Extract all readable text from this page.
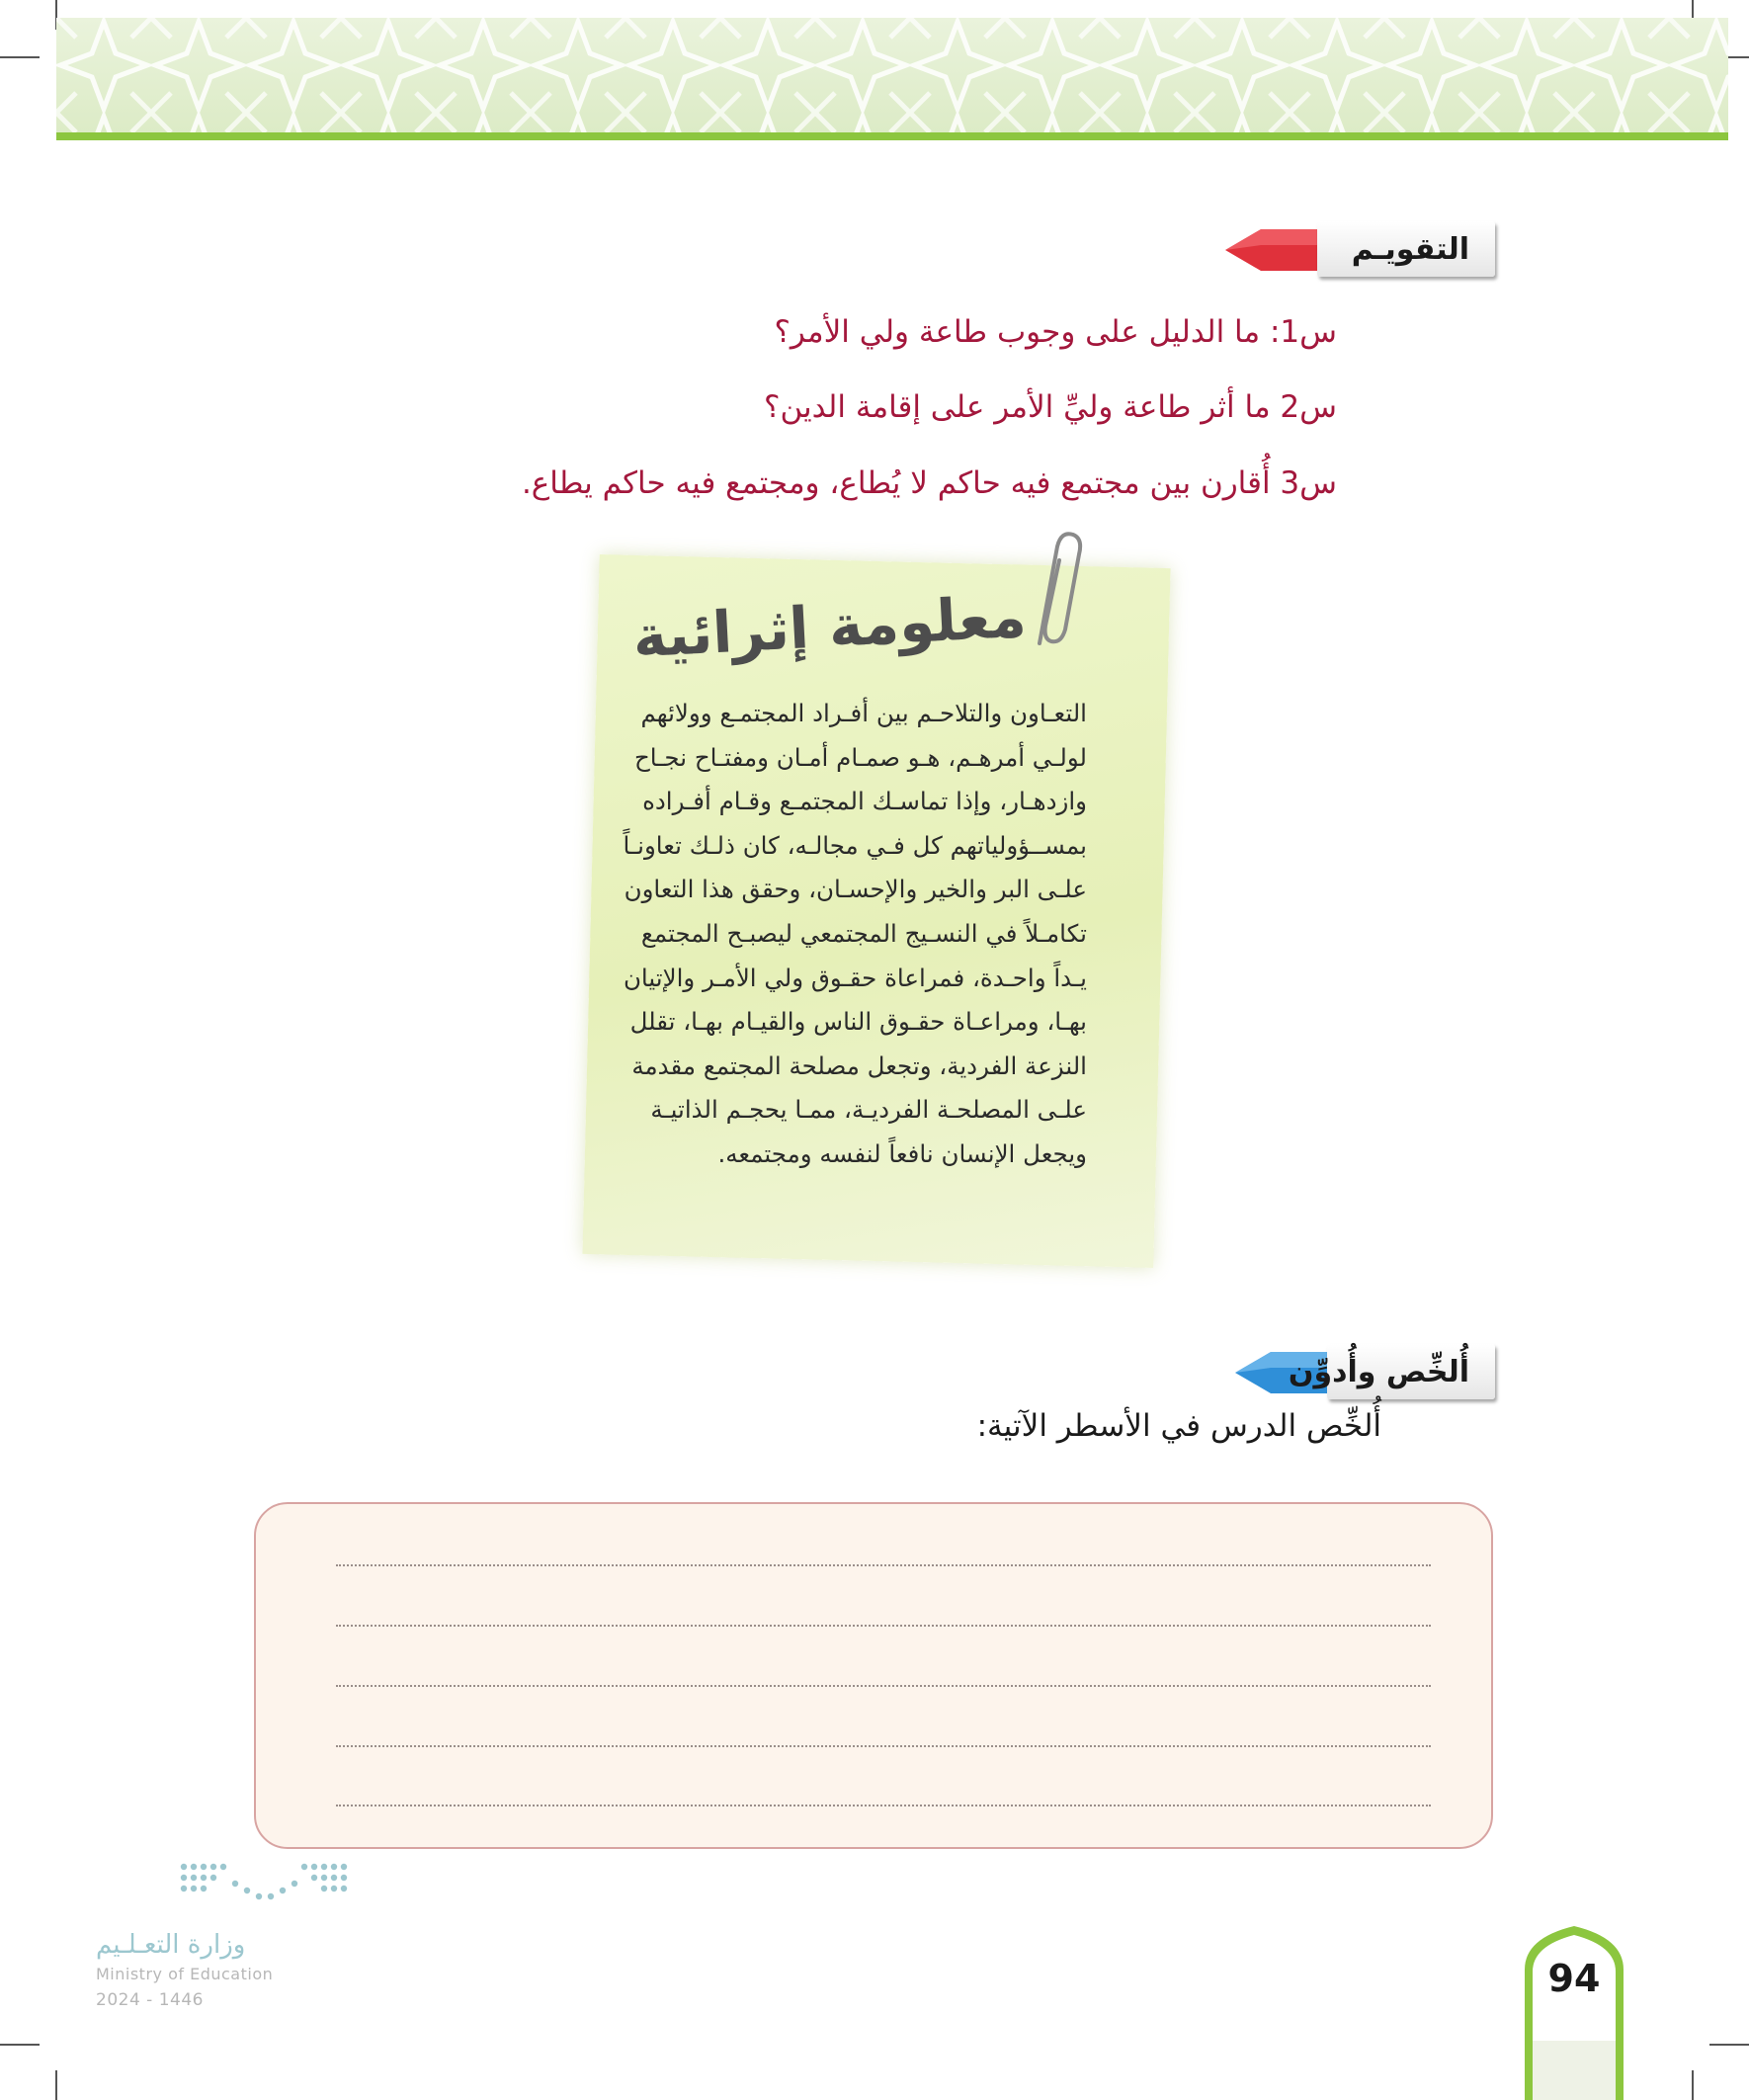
التقويـم
س1: ما الدليل على وجوب طاعة ولي الأمر؟
س2 ما أثر طاعة وليِّ الأمر على إقامة الدين؟
س3 أُقارن بين مجتمع فيه حاكم لا يُطاع، ومجتمع فيه حاكم يطاع.
معلومة إثرائية
التعـاون والتلاحـم بين أفـراد المجتمـع وولائهم
لولـي أمرهـم، هـو صمـام أمـان ومفتـاح نجـاح
وازدهـار، وإذا تماسـك المجتمـع وقـام أفـراده
بمســؤولياتهم كل فـي مجالـه، كان ذلـك تعاونـاً
علـى البر والخير والإحسـان، وحقق هذا التعاون
تكامـلاً في النسـيج المجتمعي ليصبـح المجتمع
يـداً واحـدة، فمراعاة حقـوق ولي الأمـر والإتيان
بهـا، ومراعـاة حقـوق الناس والقيـام بهـا، تقلل
النزعة الفردية، وتجعل مصلحة المجتمع مقدمة
علـى المصلحـة الفرديـة، ممـا يحجـم الذاتيـة
ويجعل الإنسان نافعاً لنفسه ومجتمعه.
أُلخِّص وأُدوِّن
أُلخِّص الدرس في الأسطر الآتية:
وزارة التعـلـيم
Ministry of Education
2024 - 1446	94
